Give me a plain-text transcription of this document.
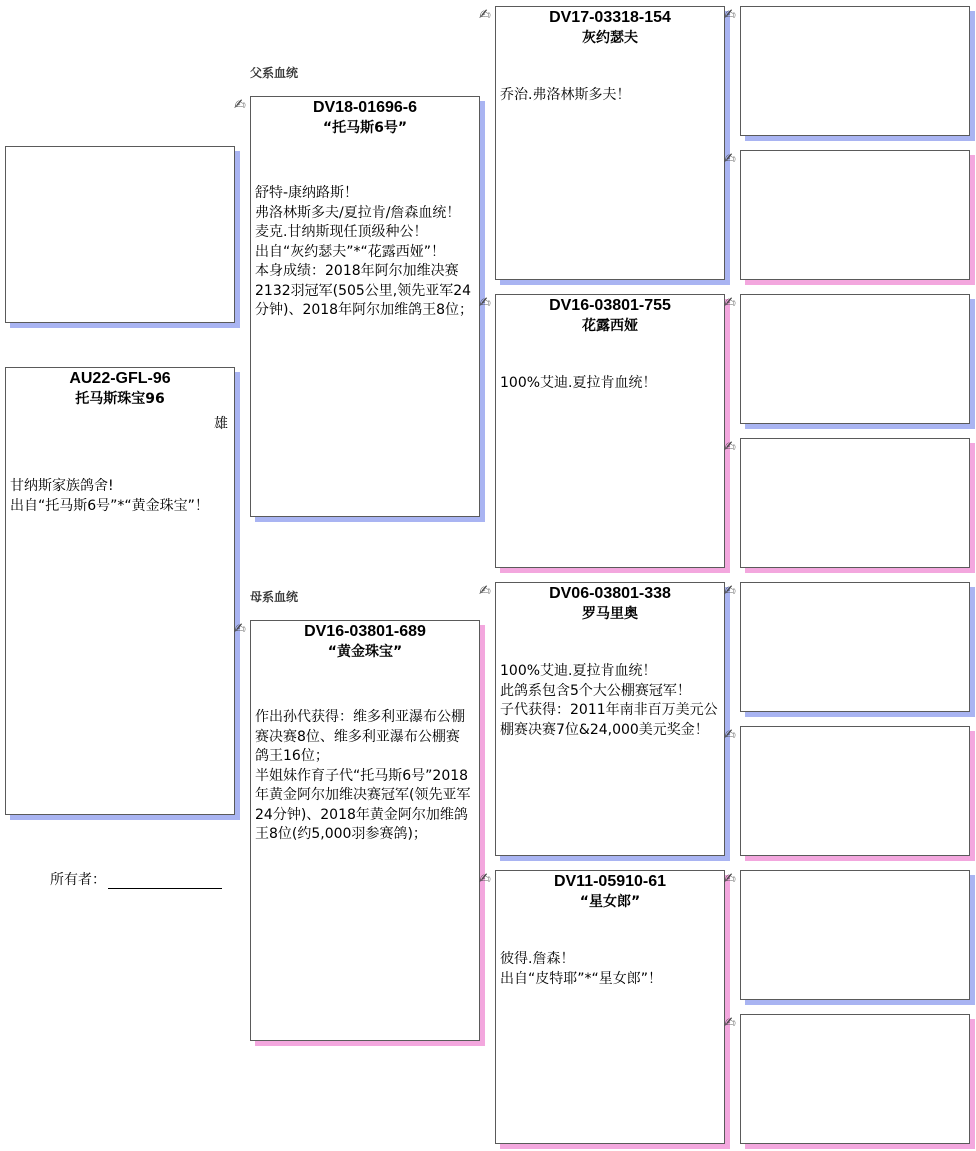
AU22-GFL-96
托马斯珠宝96
雄
甘纳斯家族鸽舍!
出自“托马斯6号”*“黄金珠宝”！
所有者：
父系血统
母系血统
✍	DV18-01696-6
“托马斯6号”
舒特-康纳路斯！
弗洛林斯多夫/夏拉肯/詹森血统！
麦克.甘纳斯现任顶级种公！
出自“灰约瑟夫”*“花露西娅”！
本身成绩：2018年阿尔加维决赛2132羽冠军(505公里,领先亚军24分钟)、2018年阿尔加维鸽王8位；
✍	DV16-03801-689
“黄金珠宝”
作出孙代获得：维多利亚瀑布公棚赛决赛8位、维多利亚瀑布公棚赛鸽王16位；
半姐妹作育子代“托马斯6号”2018年黄金阿尔加维决赛冠军(领先亚军24分钟)、2018年黄金阿尔加维鸽王8位(约5,000羽参赛鸽)；
✍	DV17-03318-154
灰约瑟夫
乔治.弗洛林斯多夫！
✍	DV16-03801-755
花露西娅
100%艾迪.夏拉肯血统！
✍	DV06-03801-338
罗马里奥
100%艾迪.夏拉肯血统！
此鸽系包含5个大公棚赛冠军！
子代获得：2011年南非百万美元公棚赛决赛7位&24,000美元奖金！
✍	DV11-05910-61
“星女郎”
彼得.詹森！
出自“皮特耶”*“星女郎”！
✍
✍
✍
✍
✍
✍
✍
✍
